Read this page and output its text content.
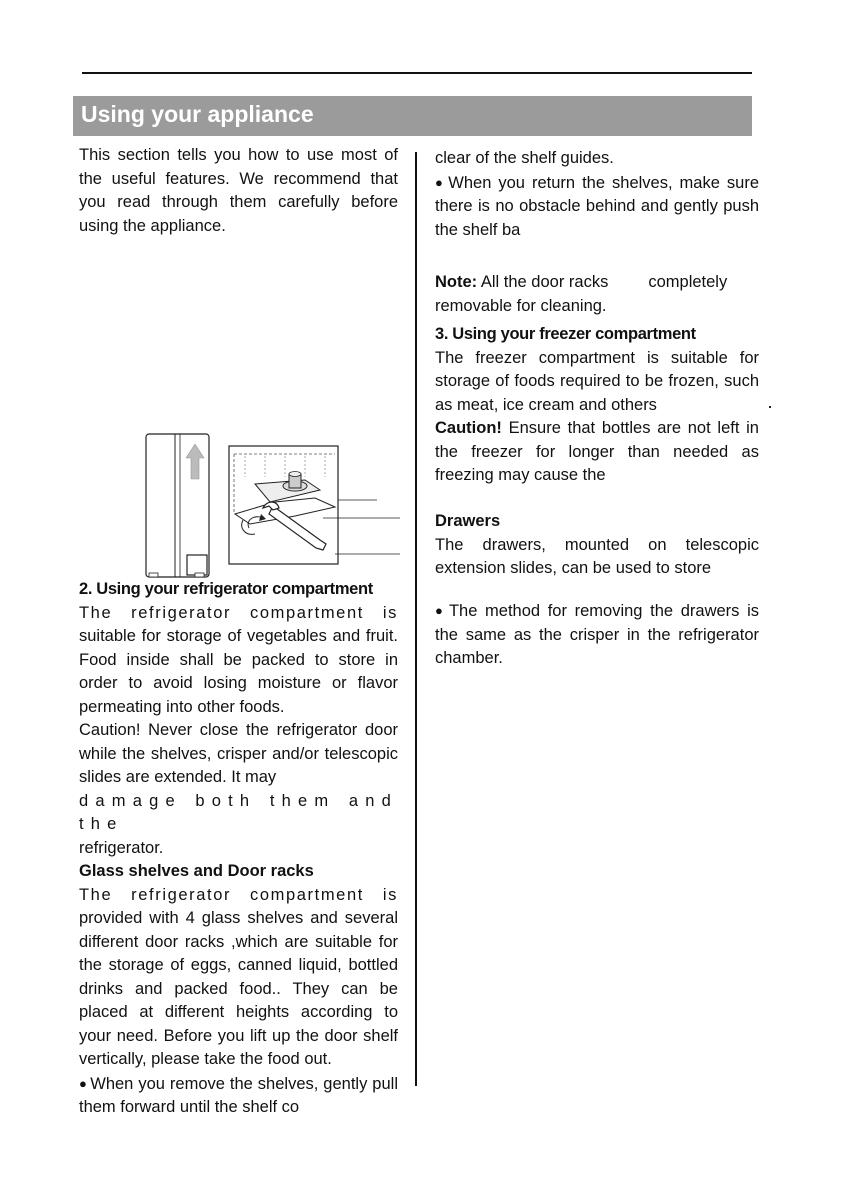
Using your appliance

This section tells you how to use most of the useful features. We recommend that you read through them carefully before using the appliance.

2. Using your refrigerator compartment

The refrigerator compartment is

suitable for storage of vegetables and fruit. Food inside shall be packed to store in order to avoid losing moisture or flavor permeating into other foods.

Caution! Never close the refrigerator door while the shelves, crisper and/or telescopic slides are extended. It may

damage both them and the

refrigerator.

Glass shelves and Door racks

The refrigerator compartment is

provided with 4 glass shelves and several different door racks ,which are suitable for the storage of eggs, canned liquid, bottled drinks and packed food.. They can be placed at different heights according to your need. Before you lift up the door shelf vertically, please take the food out.

● When you remove the shelves, gently pull them forward until the shelf co

clear of the shelf guides.

● When you return the shelves, make sure there is no obstacle behind and gently push the shelf ba

Note: All the door racks completely

removable for cleaning.

3. Using your freezer compartment

The freezer compartment is suitable for storage of foods required to be frozen, such as meat, ice cream and others

Caution! Ensure that bottles are not left in the freezer for longer than needed as freezing may cause the

Drawers

The drawers, mounted on telescopic extension slides, can be used to store

● The method for removing the drawers is the same as the crisper in the refrigerator chamber.
